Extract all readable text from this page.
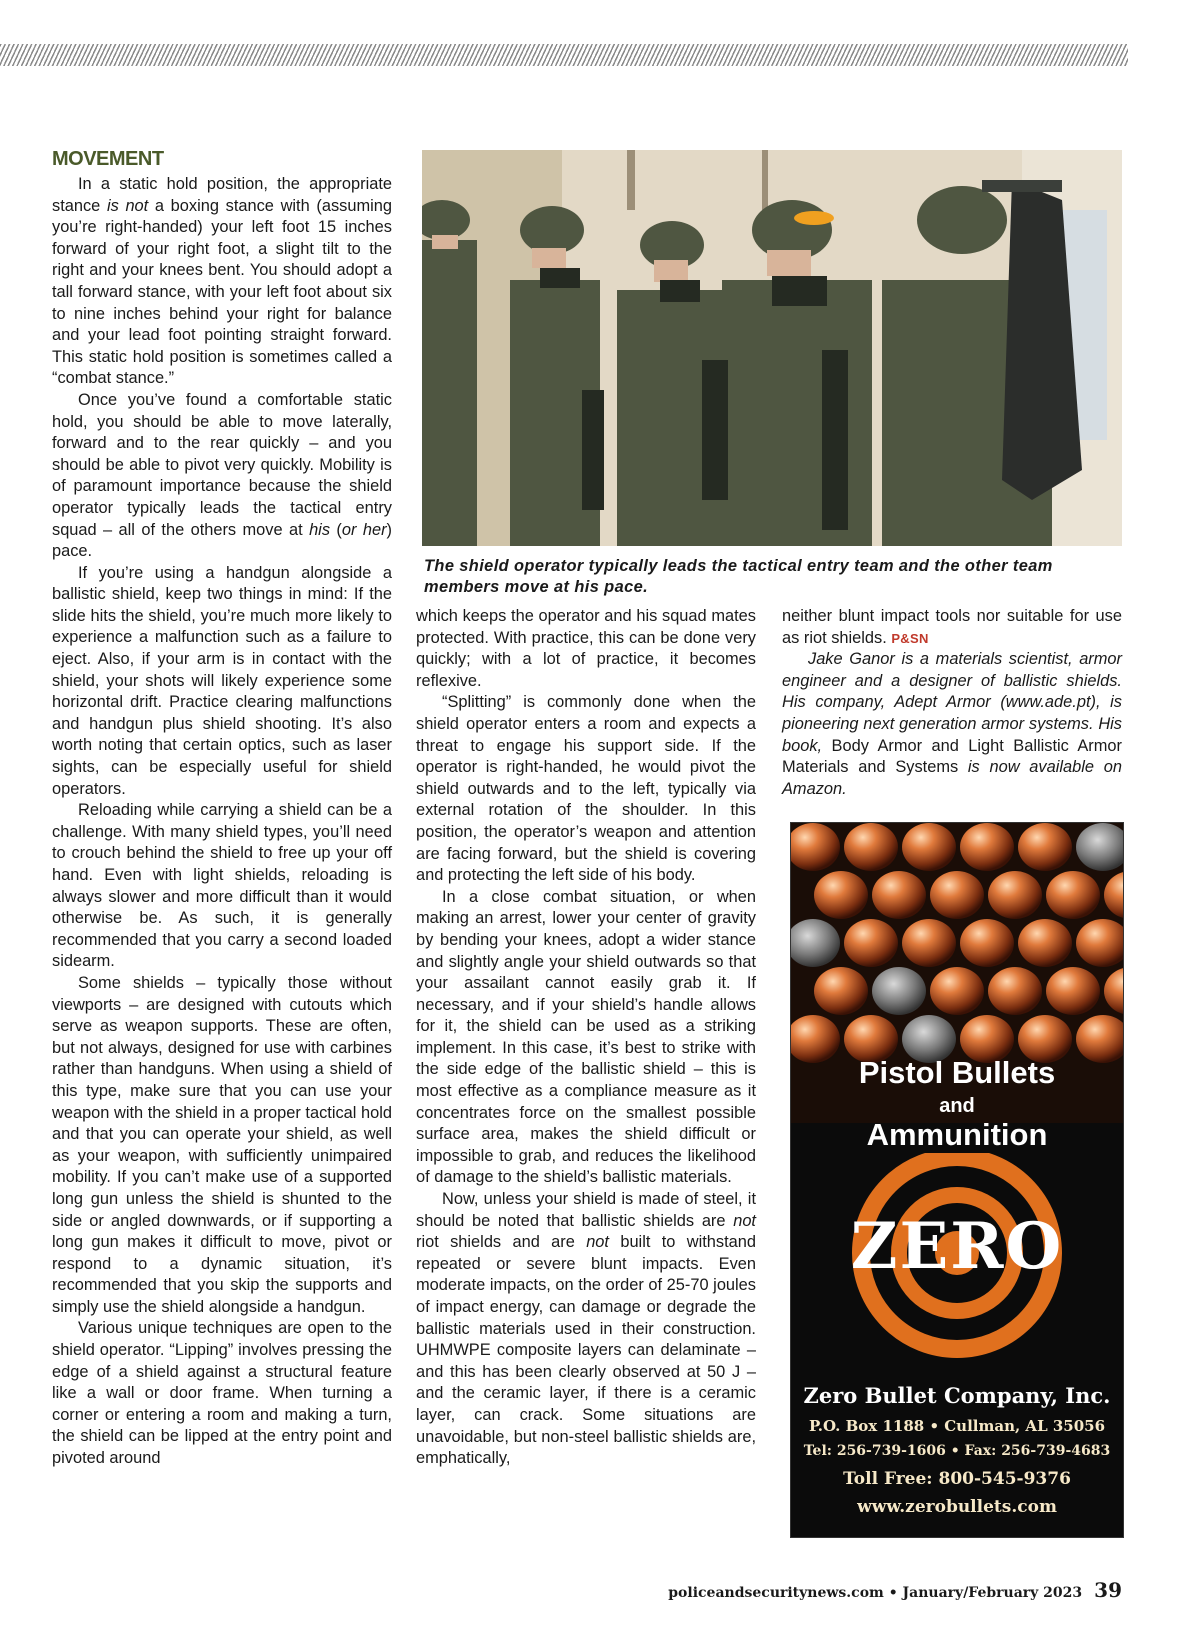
MOVEMENT

In a static hold position, the appropriate stance is not a boxing stance with (assuming you’re right-handed) your left foot 15 inches forward of your right foot, a slight tilt to the right and your knees bent. You should adopt a tall forward stance, with your left foot about six to nine inches behind your right for balance and your lead foot pointing straight forward. This static hold position is sometimes called a “combat stance.”

Once you’ve found a comfortable static hold, you should be able to move laterally, forward and to the rear quickly – and you should be able to pivot very quickly. Mobility is of paramount importance because the shield operator typically leads the tactical entry squad – all of the others move at his (or her) pace.

If you’re using a handgun alongside a ballistic shield, keep two things in mind: If the slide hits the shield, you’re much more likely to experience a malfunction such as a failure to eject. Also, if your arm is in contact with the shield, your shots will likely experience some horizontal drift. Practice clearing malfunctions and handgun plus shield shooting. It’s also worth noting that certain optics, such as laser sights, can be especially useful for shield operators.

Reloading while carrying a shield can be a challenge. With many shield types, you’ll need to crouch behind the shield to free up your off hand. Even with light shields, reloading is always slower and more difficult than it would otherwise be. As such, it is generally recommended that you carry a second loaded sidearm.

Some shields – typically those without viewports – are designed with cutouts which serve as weapon supports. These are often, but not always, designed for use with carbines rather than handguns. When using a shield of this type, make sure that you can use your weapon with the shield in a proper tactical hold and that you can operate your shield, as well as your weapon, with sufficiently unimpaired mobility. If you can’t make use of a supported long gun unless the shield is shunted to the side or angled downwards, or if supporting a long gun makes it difficult to move, pivot or respond to a dynamic situation, it’s recommended that you skip the supports and simply use the shield alongside a handgun.

Various unique techniques are open to the shield operator. “Lipping” involves pressing the edge of a shield against a structural feature like a wall or door frame. When turning a corner or entering a room and making a turn, the shield can be lipped at the entry point and pivoted around

The shield operator typically leads the tactical entry team and the other team members move at his pace.

which keeps the operator and his squad mates protected. With practice, this can be done very quickly; with a lot of practice, it becomes reflexive.

“Splitting” is commonly done when the shield operator enters a room and expects a threat to engage his support side. If the operator is right-handed, he would pivot the shield outwards and to the left, typically via external rotation of the shoulder. In this position, the operator’s weapon and attention are facing forward, but the shield is covering and protecting the left side of his body.

In a close combat situation, or when making an arrest, lower your center of gravity by bending your knees, adopt a wider stance and slightly angle your shield outwards so that your assailant cannot easily grab it. If necessary, and if your shield’s handle allows for it, the shield can be used as a striking implement. In this case, it’s best to strike with the side edge of the ballistic shield – this is most effective as a compliance measure as it concentrates force on the smallest possible surface area, makes the shield difficult or impossible to grab, and reduces the likelihood of damage to the shield’s ballistic materials.

Now, unless your shield is made of steel, it should be noted that ballistic shields are not riot shields and are not built to withstand repeated or severe blunt impacts. Even moderate impacts, on the order of 25-70 joules of impact energy, can damage or degrade the ballistic materials used in their construction. UHMWPE composite layers can delaminate – and this has been clearly observed at 50 J – and the ceramic layer, if there is a ceramic layer, can crack. Some situations are unavoidable, but non-steel ballistic shields are, emphatically,

neither blunt impact tools nor suitable for use as riot shields. P&SN

Jake Ganor is a materials scientist, armor engineer and a designer of ballistic shields. His company, Adept Armor (www.ade.pt), is pioneering next generation armor systems. His book, Body Armor and Light Ballistic Armor Materials and Systems is now available on Amazon.

Pistol Bullets
and
Ammunition
ZERO
Zero Bullet Company, Inc.
P.O. Box 1188 • Cullman, AL 35056
Tel: 256-739-1606 • Fax: 256-739-4683
Toll Free: 800-545-9376
www.zerobullets.com
policeandsecuritynews.com • January/February 2023 39
